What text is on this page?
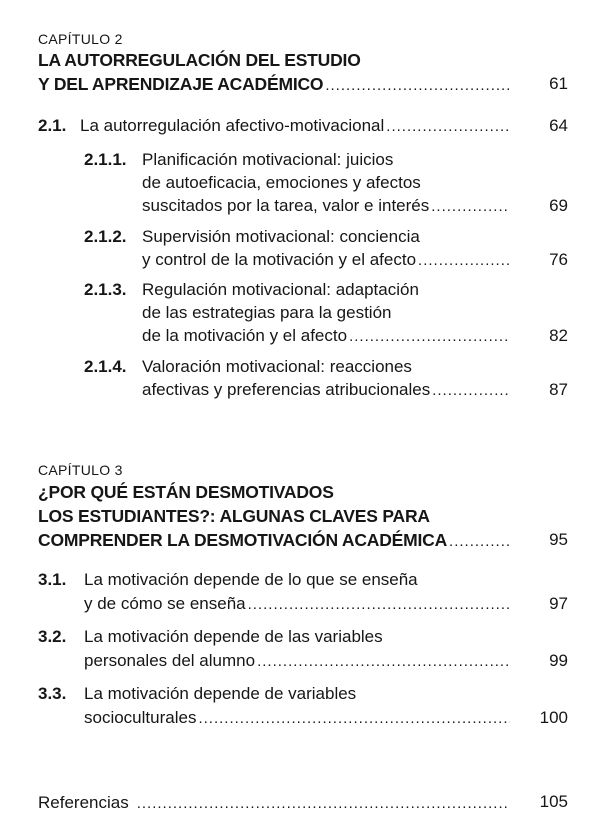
CAPÍTULO 2
LA AUTORREGULACIÓN DEL ESTUDIO
Y DEL APRENDIZAJE ACADÉMICO .....	61
2.1. La autorregulación afectivo-motivacional .....	64
2.1.1. Planificación motivacional: juicios
de autoeficacia, emociones y afectos
suscitados por la tarea, valor e interés .....	69
2.1.2. Supervisión motivacional: conciencia
y control de la motivación y el afecto .....	76
2.1.3. Regulación motivacional: adaptación
de las estrategias para la gestión
de la motivación y el afecto .....	82
2.1.4. Valoración motivacional: reacciones
afectivas y preferencias atribucionales .....	87
CAPÍTULO 3
¿POR QUÉ ESTÁN DESMOTIVADOS
LOS ESTUDIANTES?: ALGUNAS CLAVES PARA
COMPRENDER LA DESMOTIVACIÓN ACADÉMICA .....	95
3.1. La motivación depende de lo que se enseña
y de cómo se enseña .....	97
3.2. La motivación depende de las variables
personales del alumno .....	99
3.3. La motivación depende de variables
socioculturales .....	100
Referencias .....	105
